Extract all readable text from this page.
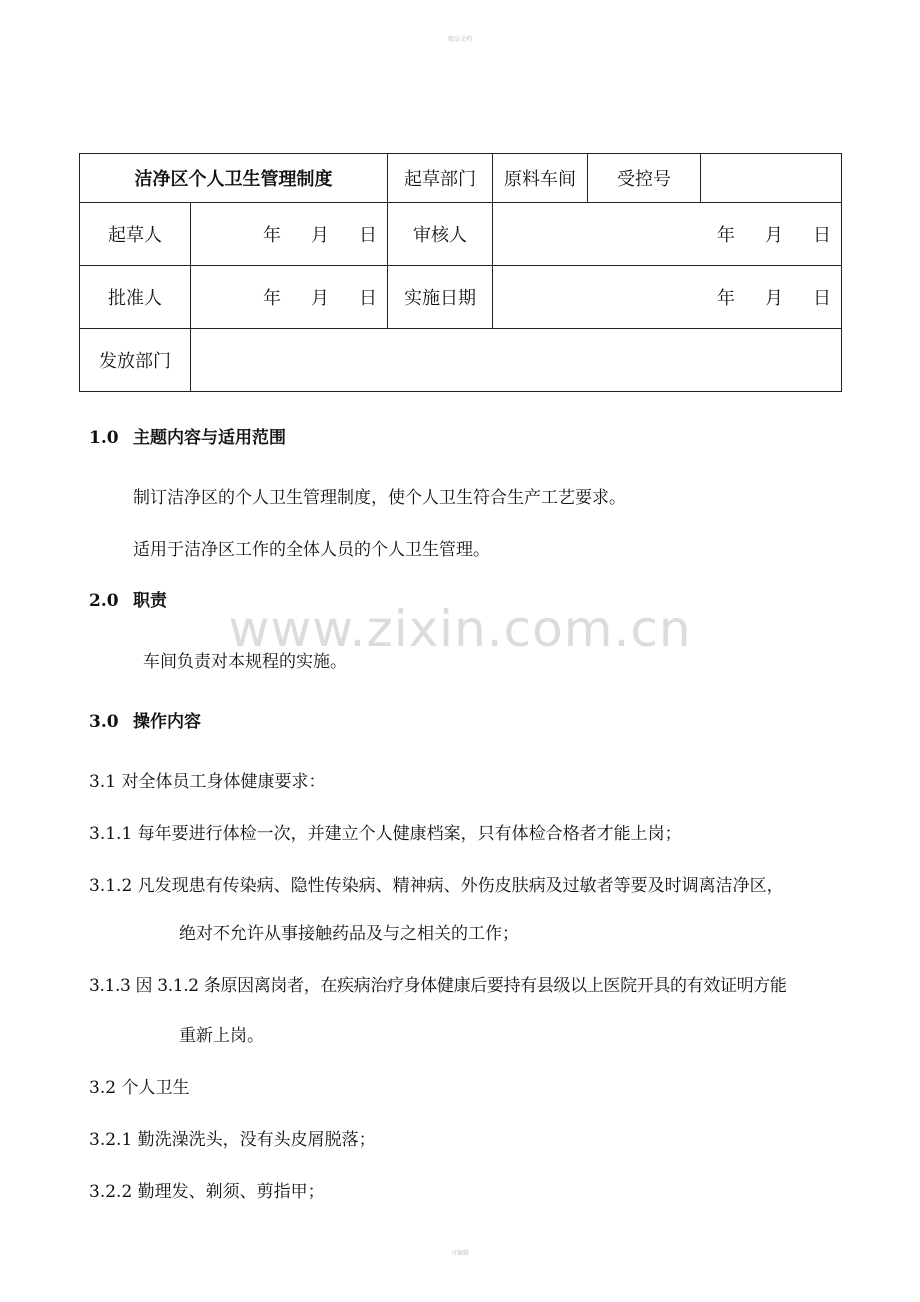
精品文档
www.zixin.com.cn
洁净区个人卫生管理制度		起草部门	原料车间	受控号	
起草人	年 月 日	审核人	年 月 日		
批准人	年 月 日	实施日期	年 月 日		
发放部门					
1.0 主题内容与适用范围
制订洁净区的个人卫生管理制度，使个人卫生符合生产工艺要求。
适用于洁净区工作的全体人员的个人卫生管理。
2.0 职责
车间负责对本规程的实施。
3.0 操作内容
3.1 对全体员工身体健康要求：
3.1.1 每年要进行体检一次，并建立个人健康档案，只有体检合格者才能上岗；
3.1.2 凡发现患有传染病、隐性传染病、精神病、外伤皮肤病及过敏者等要及时调离洁净区，
绝对不允许从事接触药品及与之相关的工作；
3.1.3 因 3.1.2 条原因离岗者，在疾病治疗身体健康后要持有县级以上医院开具的有效证明方能
重新上岗。
3.2 个人卫生
3.2.1 勤洗澡洗头，没有头皮屑脱落；
3.2.2 勤理发、剃须、剪指甲；
可编辑
